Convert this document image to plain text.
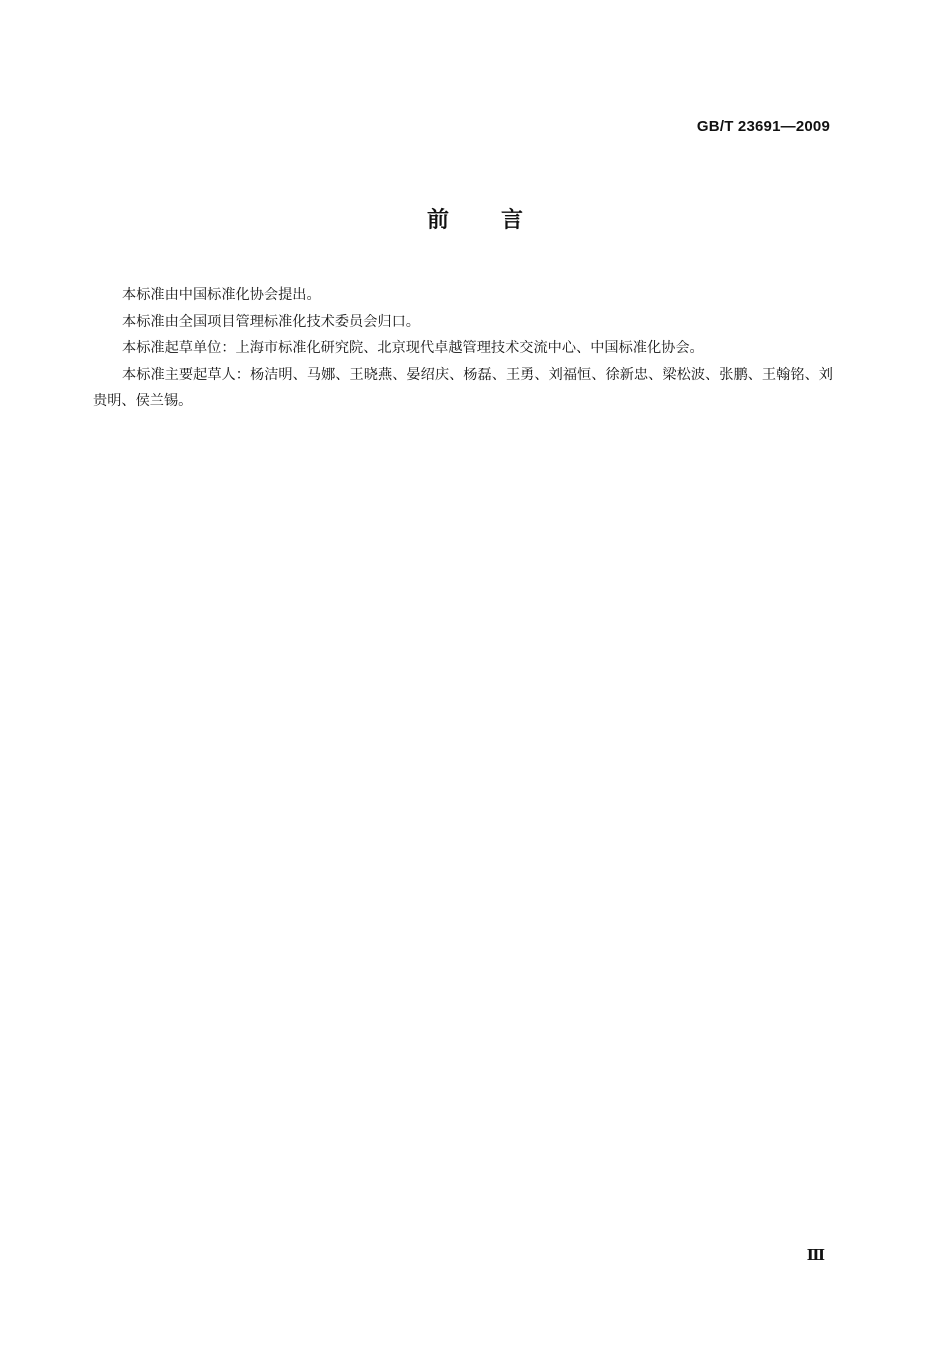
GB/T 23691—2009
前言

本标准由中国标准化协会提出。

本标准由全国项目管理标准化技术委员会归口。

本标准起草单位：上海市标准化研究院、北京现代卓越管理技术交流中心、中国标准化协会。

本标准主要起草人：杨洁明、马娜、王晓燕、晏绍庆、杨磊、王勇、刘福恒、徐新忠、梁松波、张鹏、王翰铭、刘贵明、侯兰锡。

Ⅲ
